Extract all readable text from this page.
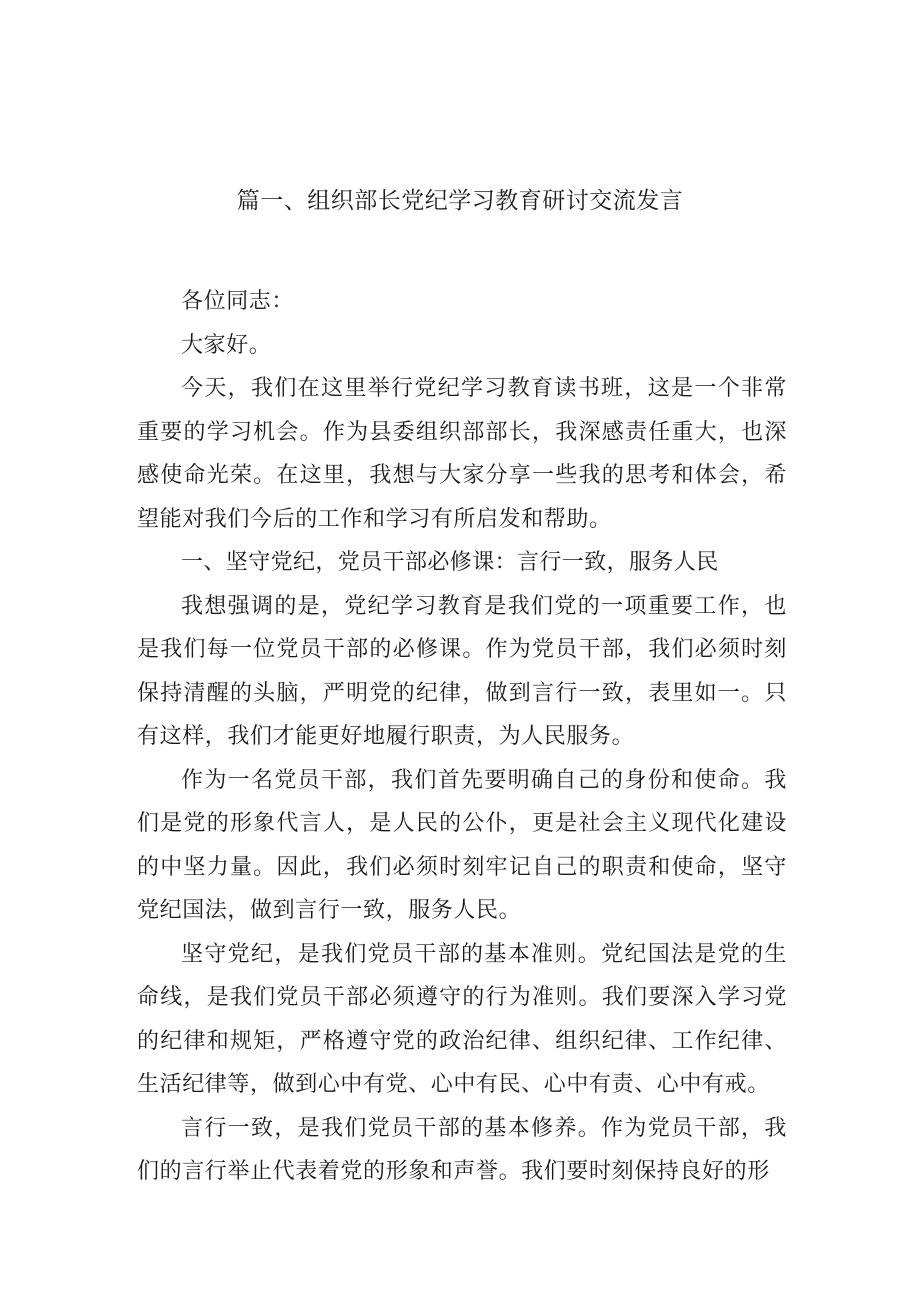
篇一、组织部长党纪学习教育研讨交流发言

各位同志：

大家好。

今天，我们在这里举行党纪学习教育读书班，这是一个非常重要的学习机会。作为县委组织部部长，我深感责任重大，也深感使命光荣。在这里，我想与大家分享一些我的思考和体会，希望能对我们今后的工作和学习有所启发和帮助。

一、坚守党纪，党员干部必修课：言行一致，服务人民

我想强调的是，党纪学习教育是我们党的一项重要工作，也是我们每一位党员干部的必修课。作为党员干部，我们必须时刻保持清醒的头脑，严明党的纪律，做到言行一致，表里如一。只有这样，我们才能更好地履行职责，为人民服务。

作为一名党员干部，我们首先要明确自己的身份和使命。我们是党的形象代言人，是人民的公仆，更是社会主义现代化建设的中坚力量。因此，我们必须时刻牢记自己的职责和使命，坚守党纪国法，做到言行一致，服务人民。

坚守党纪，是我们党员干部的基本准则。党纪国法是党的生命线，是我们党员干部必须遵守的行为准则。我们要深入学习党的纪律和规矩，严格遵守党的政治纪律、组织纪律、工作纪律、生活纪律等，做到心中有党、心中有民、心中有责、心中有戒。

言行一致，是我们党员干部的基本修养。作为党员干部，我们的言行举止代表着党的形象和声誉。我们要时刻保持良好的形
